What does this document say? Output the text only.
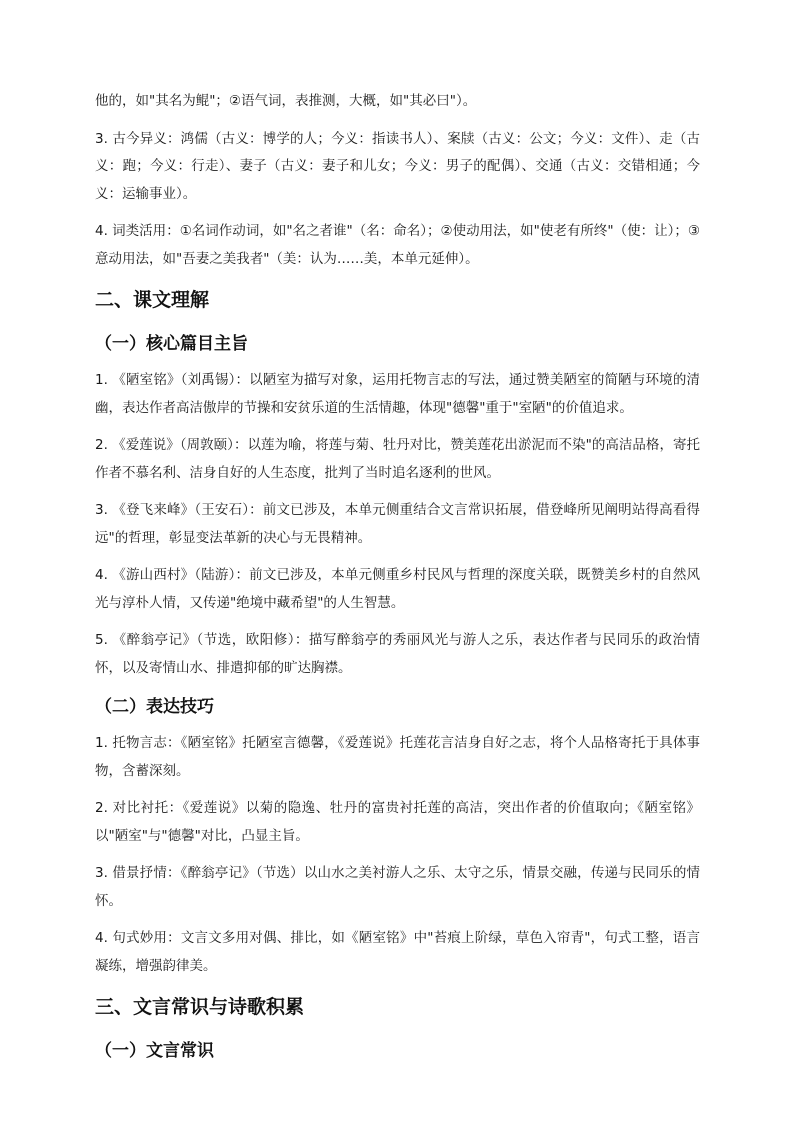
他的，如"其名为鲲"；②语气词，表推测，大概，如"其必曰"）。

3. 古今异义：鸿儒（古义：博学的人；今义：指读书人）、案牍（古义：公文；今义：文件）、走（古义：跑；今义：行走）、妻子（古义：妻子和儿女；今义：男子的配偶）、交通（古义：交错相通；今义：运输事业）。

4. 词类活用：①名词作动词，如"名之者谁"（名：命名）；②使动用法，如"使老有所终"（使：让）；③意动用法，如"吾妻之美我者"（美：认为……美，本单元延伸）。

二、课文理解
（一）核心篇目主旨

1. 《陋室铭》（刘禹锡）：以陋室为描写对象，运用托物言志的写法，通过赞美陋室的简陋与环境的清幽，表达作者高洁傲岸的节操和安贫乐道的生活情趣，体现"德馨"重于"室陋"的价值追求。

2. 《爱莲说》（周敦颐）：以莲为喻，将莲与菊、牡丹对比，赞美莲花出淤泥而不染"的高洁品格，寄托作者不慕名利、洁身自好的人生态度，批判了当时追名逐利的世风。

3. 《登飞来峰》（王安石）：前文已涉及，本单元侧重结合文言常识拓展，借登峰所见阐明站得高看得远"的哲理，彰显变法革新的决心与无畏精神。

4. 《游山西村》（陆游）：前文已涉及，本单元侧重乡村民风与哲理的深度关联，既赞美乡村的自然风光与淳朴人情，又传递"绝境中藏希望"的人生智慧。

5. 《醉翁亭记》（节选，欧阳修）：描写醉翁亭的秀丽风光与游人之乐，表达作者与民同乐的政治情怀，以及寄情山水、排遣抑郁的旷达胸襟。

（二）表达技巧

1. 托物言志：《陋室铭》托陋室言德馨，《爱莲说》托莲花言洁身自好之志，将个人品格寄托于具体事物，含蓄深刻。

2. 对比衬托：《爱莲说》以菊的隐逸、牡丹的富贵衬托莲的高洁，突出作者的价值取向；《陋室铭》以"陋室"与"德馨"对比，凸显主旨。

3. 借景抒情：《醉翁亭记》（节选）以山水之美衬游人之乐、太守之乐，情景交融，传递与民同乐的情怀。

4. 句式妙用：文言文多用对偶、排比，如《陋室铭》中"苔痕上阶绿，草色入帘青"，句式工整，语言凝练，增强韵律美。

三、文言常识与诗歌积累
（一）文言常识
